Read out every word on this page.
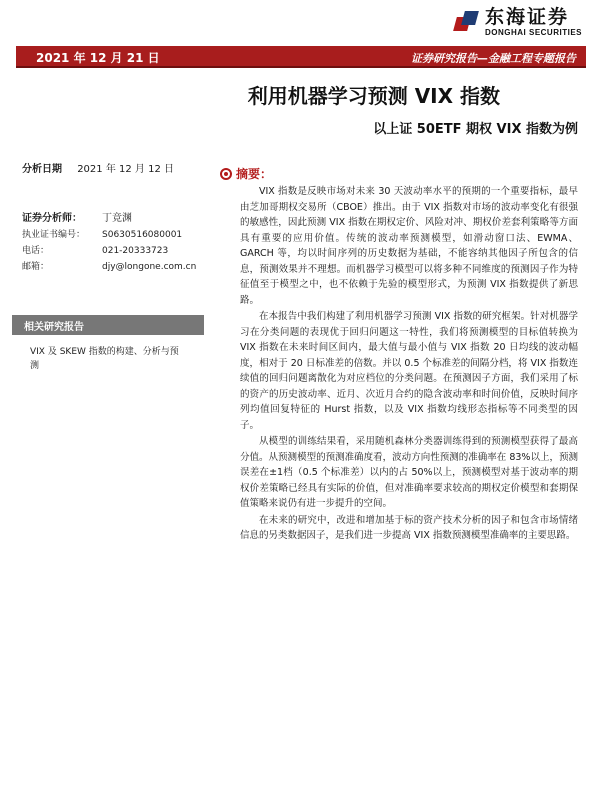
东海证券
DONGHAI SECURITIES
2021 年 12 月 21 日	证券研究报告—金融工程专题报告
利用机器学习预测 VIX 指数
以上证 50ETF 期权 VIX 指数为例
分析日期 2021 年 12 月 12 日
证券分析师：	丁竞渊
执业证书编号：	S0630516080001
电话：	021-20333723
邮箱：	djy@longone.com.cn
相关研究报告
VIX 及 SKEW 指数的构建、分析与预测
摘要：

VIX 指数是反映市场对未来 30 天波动率水平的预期的一个重要指标，最早由芝加哥期权交易所（CBOE）推出。由于 VIX 指数对市场的波动率变化有很强的敏感性，因此预测 VIX 指数在期权定价、风险对冲、期权价差套利策略等方面具有重要的应用价值。传统的波动率预测模型，如滑动窗口法、EWMA、GARCH 等，均以时间序列的历史数据为基础，不能容纳其他因子所包含的信息，预测效果并不理想。而机器学习模型可以将多种不同维度的预测因子作为特征值至于模型之中，也不依赖于先验的模型形式，为预测 VIX 指数提供了新思路。

在本报告中我们构建了利用机器学习预测 VIX 指数的研究框架。针对机器学习在分类问题的表现优于回归问题这一特性，我们将预测模型的目标值转换为 VIX 指数在未来时间区间内，最大值与最小值与 VIX 指数 20 日均线的波动幅度，相对于 20 日标准差的倍数。并以 0.5 个标准差的间隔分档，将 VIX 指数连续值的回归问题离散化为对应档位的分类问题。在预测因子方面，我们采用了标的资产的历史波动率、近月、次近月合约的隐含波动率和时间价值，反映时间序列均值回复特征的 Hurst 指数，以及 VIX 指数均线形态指标等不同类型的因子。

从模型的训练结果看，采用随机森林分类器训练得到的预测模型获得了最高分值。从预测模型的预测准确度看，波动方向性预测的准确率在 83%以上，预测误差在±1档（0.5 个标准差）以内的占 50%以上，预测模型对基于波动率的期权价差策略已经具有实际的价值，但对准确率要求较高的期权定价模型和套期保值策略来说仍有进一步提升的空间。

在未来的研究中，改进和增加基于标的资产技术分析的因子和包含市场情绪信息的另类数据因子，是我们进一步提高 VIX 指数预测模型准确率的主要思路。
